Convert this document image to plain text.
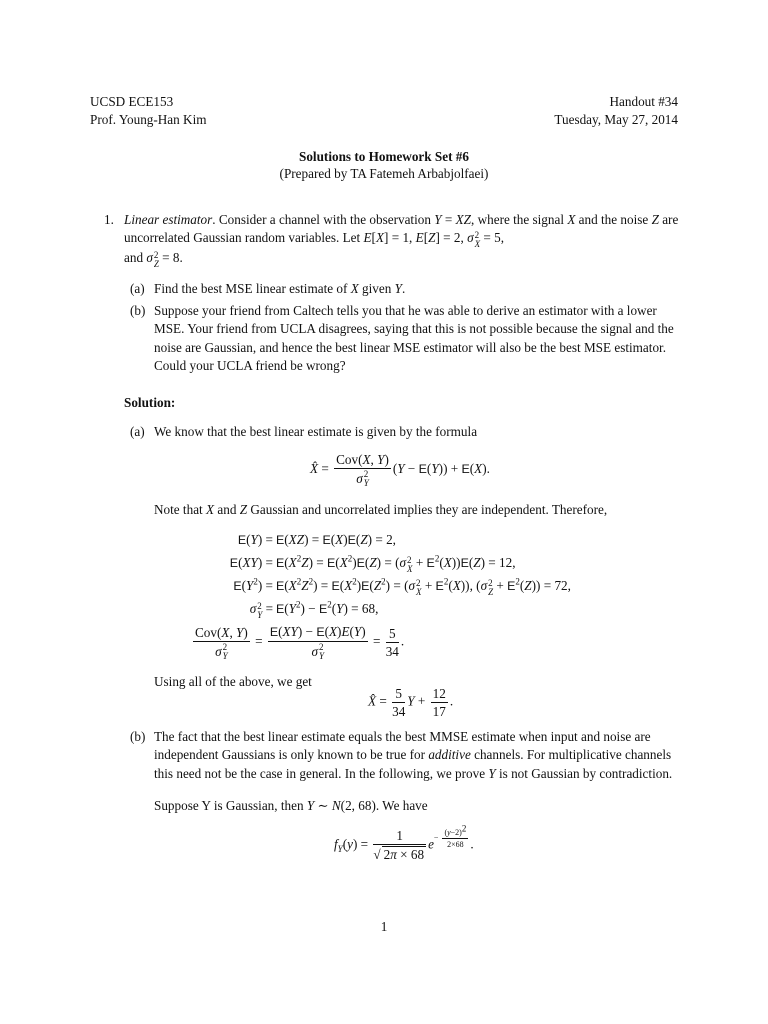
UCSD ECE153
Prof. Young-Han Kim
Handout #34
Tuesday, May 27, 2014
Solutions to Homework Set #6
(Prepared by TA Fatemeh Arbabjolfaei)
1. Linear estimator. Consider a channel with the observation Y = XZ, where the signal X and the noise Z are uncorrelated Gaussian random variables. Let E[X] = 1, E[Z] = 2, σ 2
X = 5,
and σ 2
Z = 8.
(a) Find the best MSE linear estimate of X given Y.
(b) Suppose your friend from Caltech tells you that he was able to derive an estimator with a lower MSE. Your friend from UCLA disagrees, saying that this is not possible because the signal and the noise are Gaussian, and hence the best linear MSE estimator will also be the best MSE estimator. Could your UCLA friend be wrong?
Solution:
(a) We know that the best linear estimate is given by the formula
X̂ = Cov(X, Y)
σ 2
Y (Y − E(Y)) + E(X).
Note that X and Z Gaussian and uncorrelated implies they are independent. Therefore,
E(Y) = E(XZ) = E(X)E(Z) = 2,
$E(XY) = E(X^2Z) = E(X^2)E(Z) = (\sigma$ 2
$X + E^2(X))E(Z) = 12$,
$E(Y^2) = E(X^2Z^2) = E(X^2)E(Z^2) = (\sigma$ 2
$X + E^2(X)$), (σ 2
$Z + E^2(Z)) = 72$,
σ 2
$Y = E(Y^2) - E^2(Y) = 68$,
Cov(X, Y)
σ 2
Y = E(XY) − E(X)E(Y)
σ 2
$Y = \frac{5}{34}$ .
Using all of the above, we get
X̂ = $\frac{5}{34}$ $Y + \frac{12}{17}$ .
(b) The fact that the best linear estimate equals the best MMSE estimate when input and noise are independent Gaussians is only known to be true for additive channels. For multiplicative channels this need not be the case in general. In the following, we prove Y is not Gaussian by contradiction.
Suppose Y is Gaussian, then Y ∼ N(2, 68). We have
$f_Y(y) = \frac{1}{√ 2\pi \times 68} e^{- \frac{(y-2)^2}{2\times 68}}$ .
1
